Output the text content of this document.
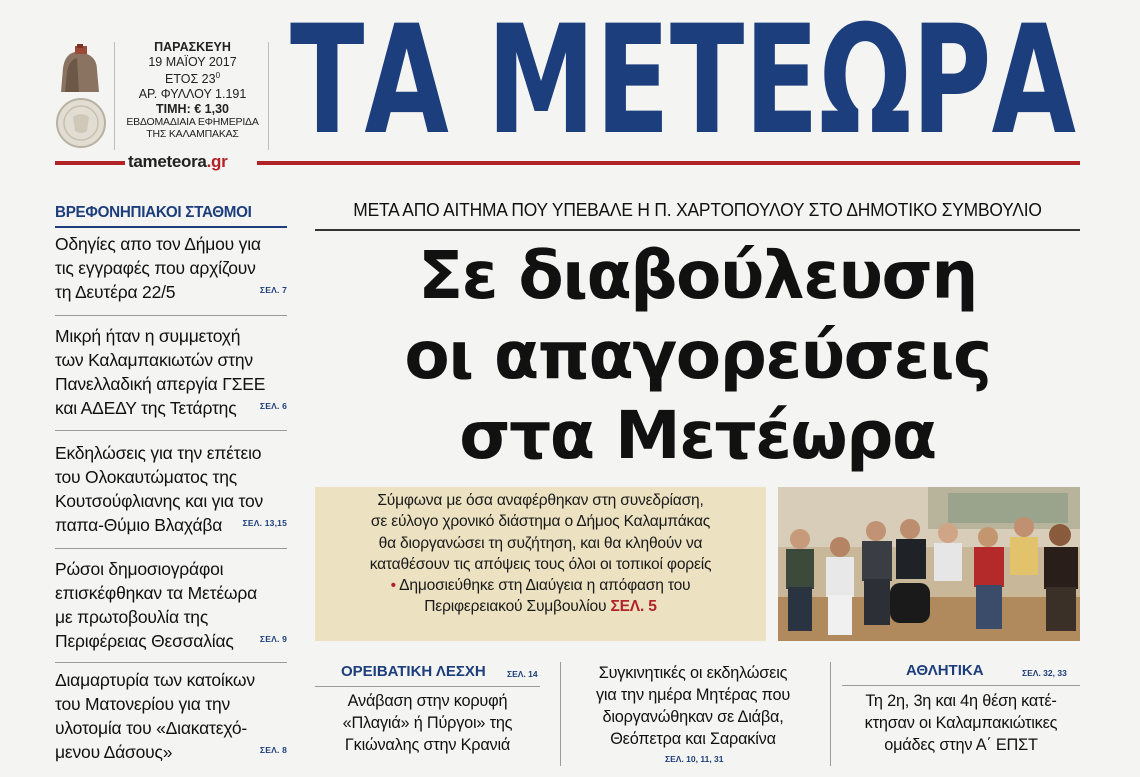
ΠΑΡΑΣΚΕΥΗ
19 ΜΑΪΟΥ 2017
ΕΤΟΣ $23^0$
ΑΡ. ΦΥΛΛΟΥ 1.191
ΤΙΜΗ: € 1,30
ΕΒΔΟΜΑΔΙΑΙΑ ΕΦΗΜΕΡΙΔΑ
ΤΗΣ ΚΑΛΑΜΠΑΚΑΣ ΤΑ ΜΕΤΕΩΡΑ
tameteora.gr
ΒΡΕΦΟΝΗΠΙΑΚΟΙ ΣΤΑΘΜΟΙ
Οδηγίες απο τον Δήμου για
τις εγγραφές που αρχίζουν
τη Δευτέρα 22/5	ΣΕΛ. 7
Μικρή ήταν η συμμετοχή
των Καλαμπακιωτών στην
Πανελλαδική απεργία ΓΣΕΕ
και ΑΔΕΔΥ της Τετάρτης	ΣΕΛ. 6
Εκδηλώσεις για την επέτειο
του Ολοκαυτώματος της
Κουτσούφλιανης και για τον
παπα-Θύμιο Βλαχάβα	ΣΕΛ. 13,15
Ρώσοι δημοσιογράφοι
επισκέφθηκαν τα Μετέωρα
με πρωτοβουλία της
Περιφέρειας Θεσσαλίας	ΣΕΛ. 9
Διαμαρτυρία των κατοίκων
του Ματονερίου για την
υλοτομία του «Διακατεχό-
μενου Δάσους»	ΣΕΛ. 8
ΜΕΤΑ ΑΠΟ ΑΙΤΗΜΑ ΠΟΥ ΥΠΕΒΑΛΕ Η Π. ΧΑΡΤΟΠΟΥΛΟΥ ΣΤΟ ΔΗΜΟΤΙΚΟ ΣΥΜΒΟΥΛΙΟ
Σε διαβούλευση
οι απαγορεύσεις
στα Μετέωρα
Σύμφωνα με όσα αναφέρθηκαν στη συνεδρίαση,
σε εύλογο χρονικό διάστημα ο Δήμος Καλαμπάκας
θα διοργανώσει τη συζήτηση, και θα κληθούν να
καταθέσουν τις απόψεις τους όλοι οι τοπικοί φορείς
• Δημοσιεύθηκε στη Διαύγεια η απόφαση του
Περιφερειακού Συμβουλίου ΣΕΛ. 5
ΟΡΕΙΒΑΤΙΚΗ ΛΕΣΧΗ	ΣΕΛ. 14
Ανάβαση στην κορυφή
«Πλαγιά» ή Πύργοι» της
Γκιώναλης στην Κρανιά
Συγκινητικές οι εκδηλώσεις
για την ημέρα Μητέρας που
διοργανώθηκαν σε Διάβα,
Θεόπετρα και Σαρακίνα
ΣΕΛ. 10, 11, 31
ΑΘΛΗΤΙΚΑ	ΣΕΛ. 32, 33
Τη 2η, 3η και 4η θέση κατέ-
κτησαν οι Καλαμπακιώτικες
ομάδες στην Α΄ ΕΠΣΤ
